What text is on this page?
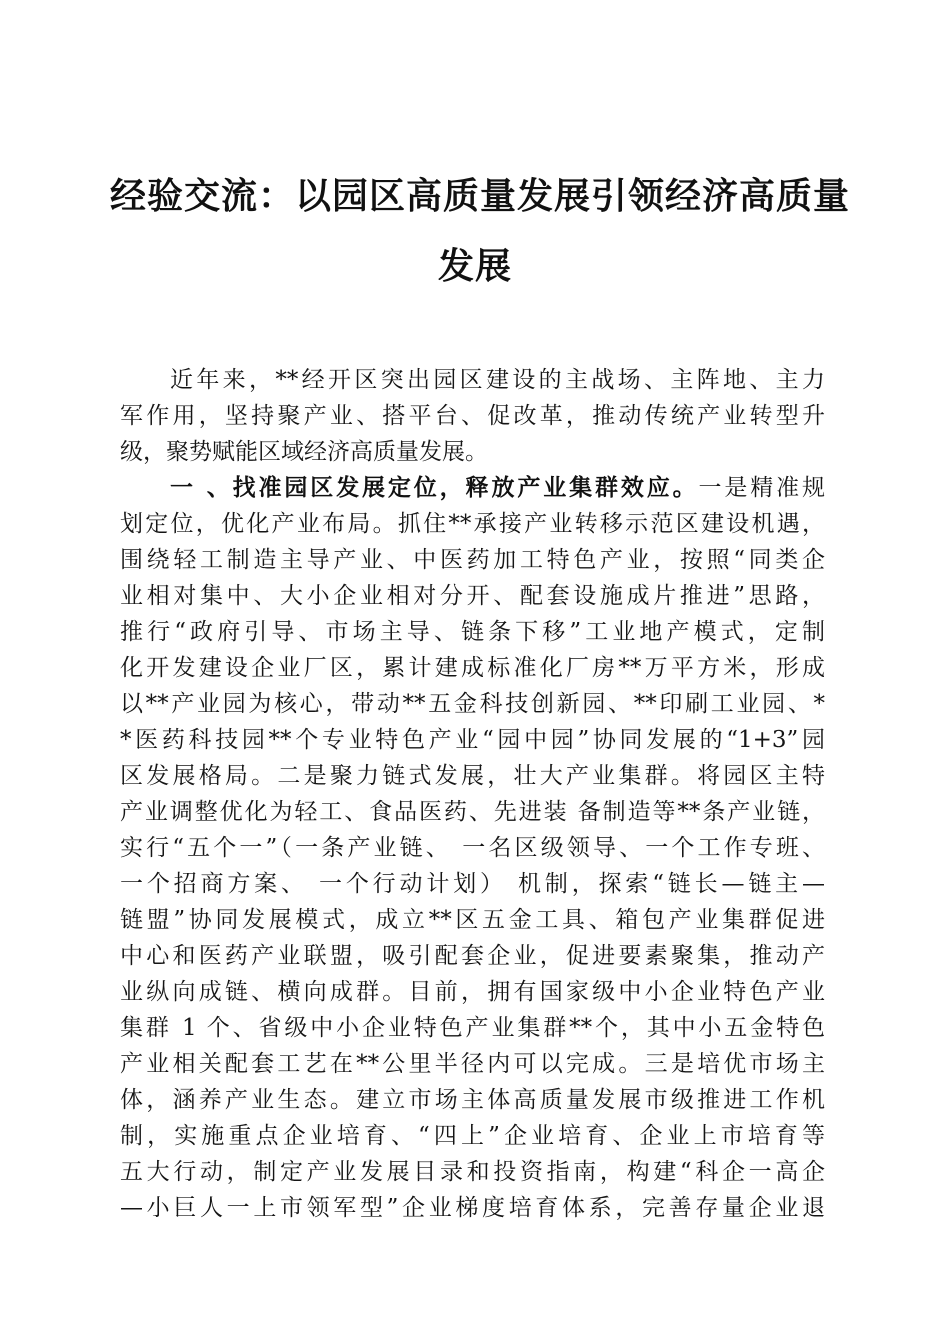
经验交流：以园区高质量发展引领经济高质量
发展
近年来，**经开区突出园区建设的主战场、主阵地、主力
军作用，坚持聚产业、搭平台、促改革，推动传统产业转型升
级，聚势赋能区域经济高质量发展。
一 、找准园区发展定位，释放产业集群效应。一是精准规
划定位，优化产业布局。抓住**承接产业转移示范区建设机遇，
围绕轻工制造主导产业、中医药加工特色产业，按照“同类企
业相对集中、大小企业相对分开、配套设施成片推进”思路，
推行“政府引导、市场主导、链条下移”工业地产模式，定制
化开发建设企业厂区，累计建成标准化厂房**万平方米，形成
以**产业园为核心，带动**五金科技创新园、**印刷工业园、*
*医药科技园**个专业特色产业“园中园”协同发展的“1+3”园
区发展格局。二是聚力链式发展，壮大产业集群。将园区主特
产业调整优化为轻工、食品医药、先进装 备制造等**条产业链，
实行“五个一”（一条产业链、 一名区级领导、一个工作专班、
一个招商方案、 一个行动计划） 机制，探索“链长—链主—
链盟”协同发展模式，成立**区五金工具、箱包产业集群促进
中心和医药产业联盟，吸引配套企业，促进要素聚集，推动产
业纵向成链、横向成群。目前，拥有国家级中小企业特色产业
集群 1 个、省级中小企业特色产业集群**个，其中小五金特色
产业相关配套工艺在**公里半径内可以完成。三是培优市场主
体，涵养产业生态。建立市场主体高质量发展市级推进工作机
制，实施重点企业培育、“四上”企业培育、企业上市培育等
五大行动，制定产业发展目录和投资指南，构建“科企一高企
—小巨人一上市领军型”企业梯度培育体系，完善存量企业退
